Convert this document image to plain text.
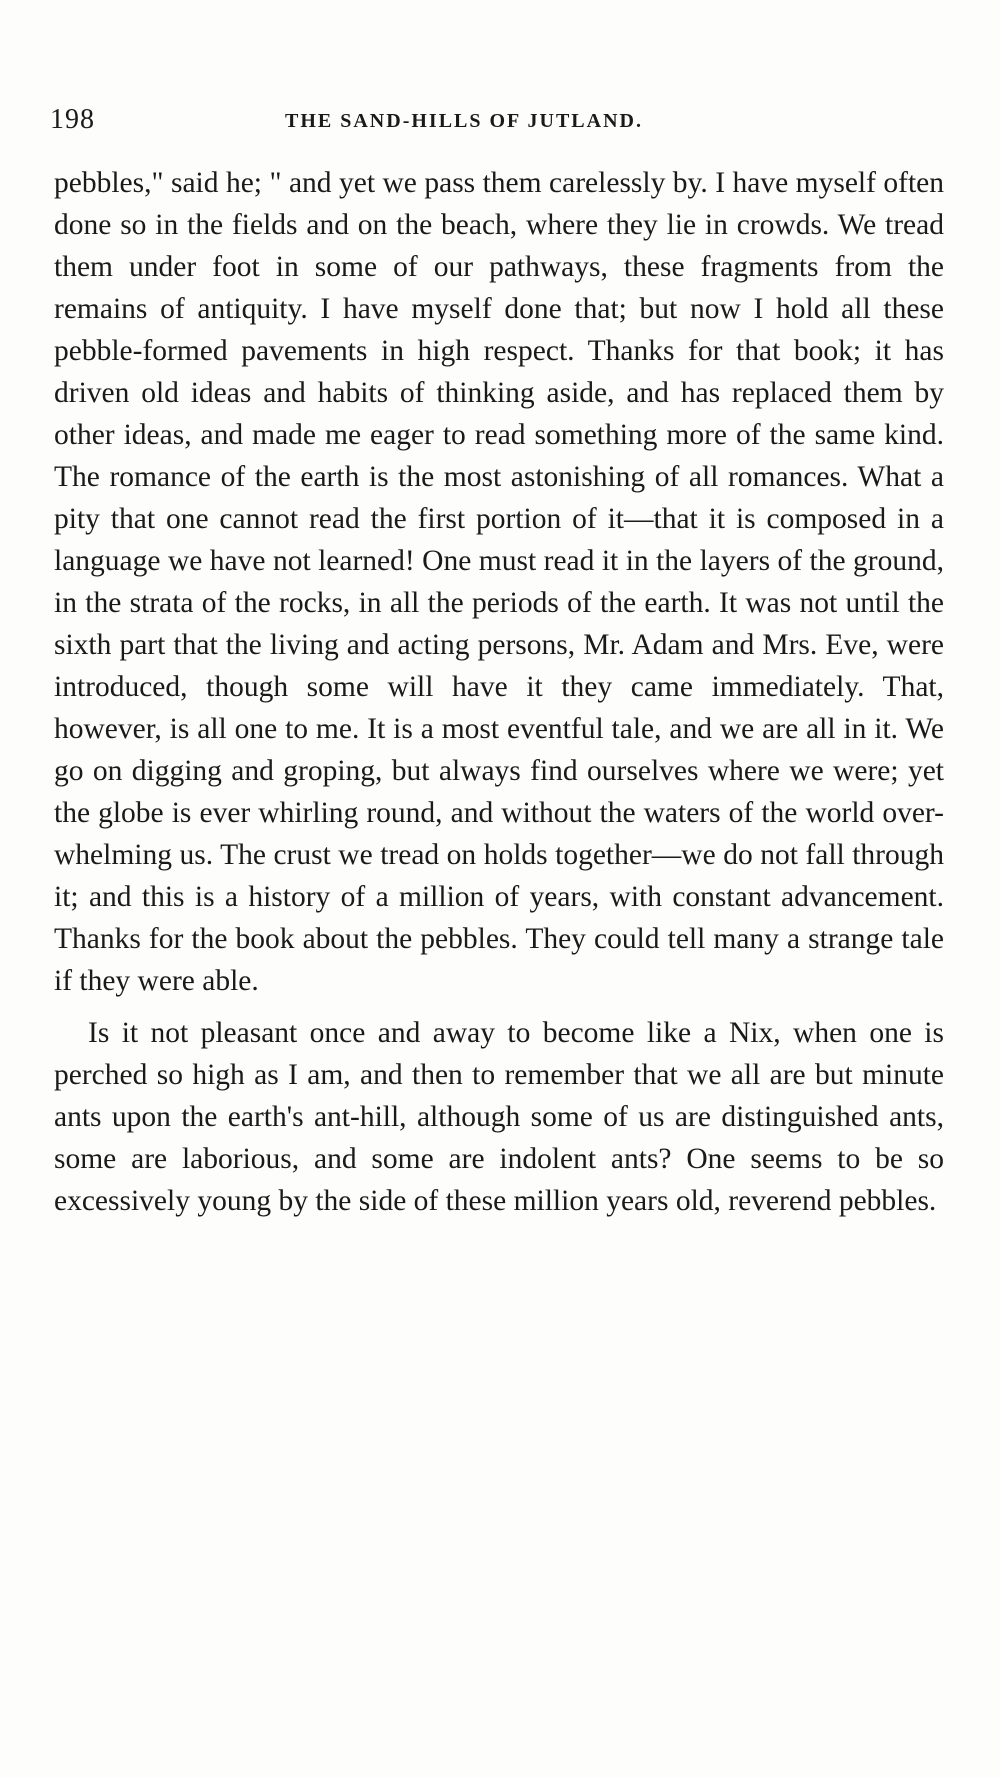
198	THE SAND-HILLS OF JUTLAND.

pebbles," said he; " and yet we pass them carelessly by. I have myself often done so in the fields and on the beach, where they lie in crowds. We tread them under foot in some of our pathways, these fragments from the remains of antiquity. I have myself done that; but now I hold all these pebble-formed pavements in high respect. Thanks for that book; it has driven old ideas and habits of thinking aside, and has replaced them by other ideas, and made me eager to read something more of the same kind. The romance of the earth is the most astonishing of all romances. What a pity that one cannot read the first portion of it—that it is composed in a language we have not learned! One must read it in the layers of the ground, in the strata of the rocks, in all the periods of the earth. It was not until the sixth part that the living and acting persons, Mr. Adam and Mrs. Eve, were introduced, though some will have it they came immediately. That, however, is all one to me. It is a most eventful tale, and we are all in it. We go on digging and groping, but always find ourselves where we were; yet the globe is ever whirling round, and without the waters of the world over-whelming us. The crust we tread on holds together—we do not fall through it; and this is a history of a million of years, with constant advancement. Thanks for the book about the pebbles. They could tell many a strange tale if they were able.

Is it not pleasant once and away to become like a Nix, when one is perched so high as I am, and then to remember that we all are but minute ants upon the earth's ant-hill, although some of us are distinguished ants, some are laborious, and some are indolent ants? One seems to be so excessively young by the side of these million years old, reverend pebbles.
